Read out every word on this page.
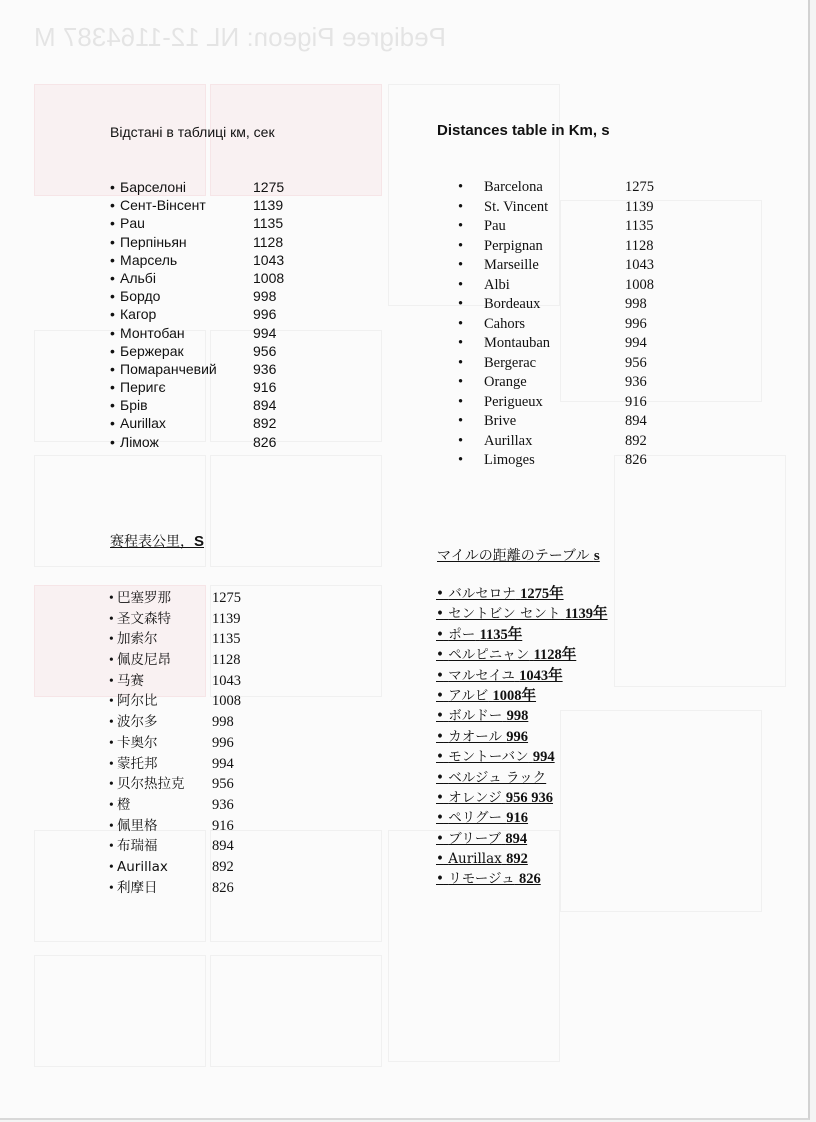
Pedigree Pigeon: NL 12-1164387 M
Відстані в таблиці км, сек
• Барселоні	1275
• Сент-Вінсент	1139
• Pau	1135
• Перпіньян	1128
• Марсель	1043
• Альбі	1008
• Бордо	998
• Кагор	996
• Монтобан	994
• Бержерак	956
• Помаранчевий	936
• Перигє	916
• Брів	894
• Aurillax	892
• Лімож	826
Distances table in Km, s
• Barcelona	1275
• St. Vincent	1139
• Pau	1135
• Perpignan	1128
• Marseille	1043
• Albi	1008
• Bordeaux	998
• Cahors	996
• Montauban	994
• Bergerac	956
• Orange	936
• Perigueux	916
• Brive	894
• Aurillax	892
• Limoges	826
赛程表公里，S
• 巴塞罗那	1275
• 圣文森特	1139
• 加索尔	1135
• 佩皮尼昂	1128
• 马赛	1043
• 阿尔比	1008
• 波尔多	998
• 卡奥尔	996
• 蒙托邦	994
• 贝尔热拉克 956
• 橙	936
• 佩里格	916
• 布瑞福	894
• Aurillax	892
• 利摩日	826
マイルの距離のテーブル s
• バルセロナ 1275年
• セントビン セント 1139年
• ポー 1135年
• ペルピニャン 1128年
• マルセイユ 1043年
• アルビ 1008年
• ボルドー 998
• カオール 996
• モントーバン 994
• ベルジュ ラック
• オレンジ 956 936
• ペリグー 916
• ブリーブ 894
• Aurillax 892
• リモージュ 826
